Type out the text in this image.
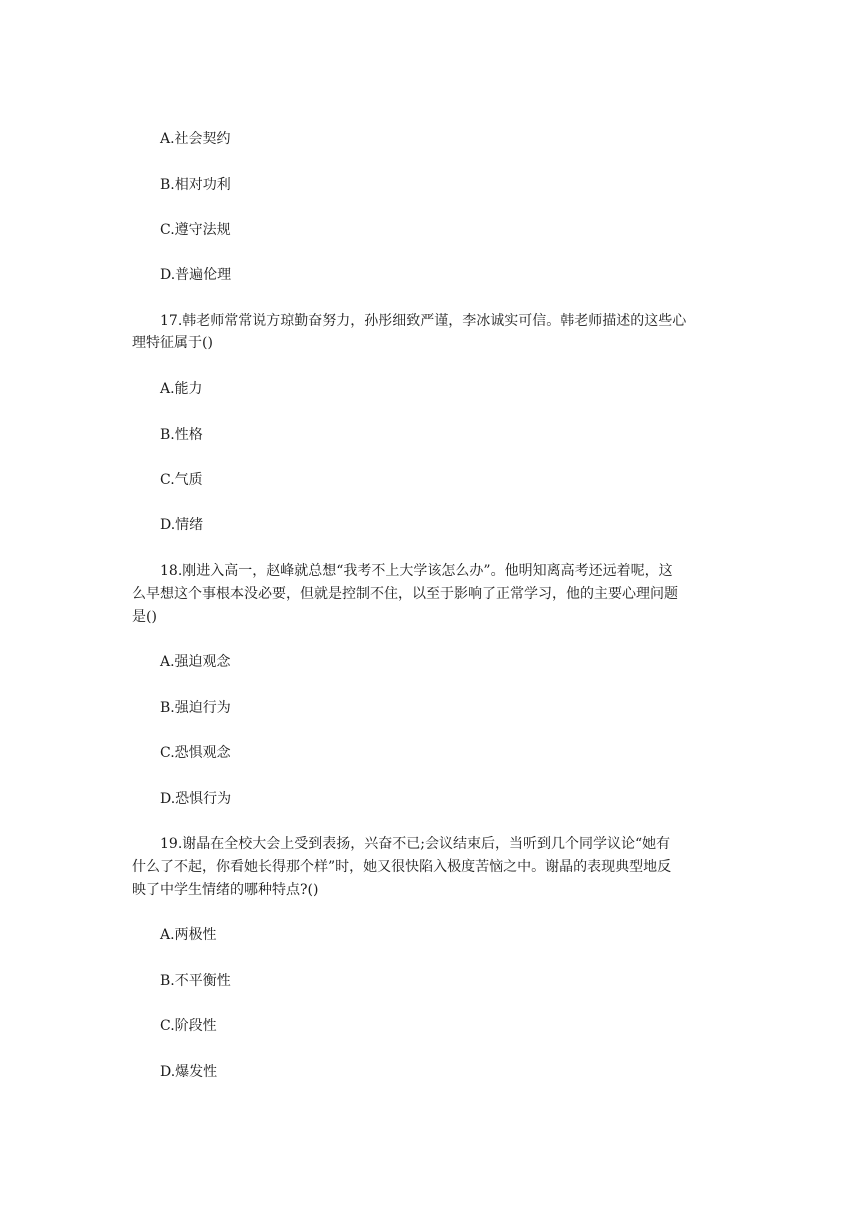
A.社会契约
B.相对功利
C.遵守法规
D.普遍伦理
17.韩老师常常说方琼勤奋努力，孙彤细致严谨，李冰诚实可信。韩老师描述的这些心
理特征属于()
A.能力
B.性格
C.气质
D.情绪
18.刚进入高一，赵峰就总想“我考不上大学该怎么办”。他明知离高考还远着呢，这
么早想这个事根本没必要，但就是控制不住，以至于影响了正常学习，他的主要心理问题
是()
A.强迫观念
B.强迫行为
C.恐惧观念
D.恐惧行为
19.谢晶在全校大会上受到表扬，兴奋不已;会议结束后，当听到几个同学议论“她有
什么了不起，你看她长得那个样”时，她又很快陷入极度苦恼之中。谢晶的表现典型地反
映了中学生情绪的哪种特点?()
A.两极性
B.不平衡性
C.阶段性
D.爆发性
